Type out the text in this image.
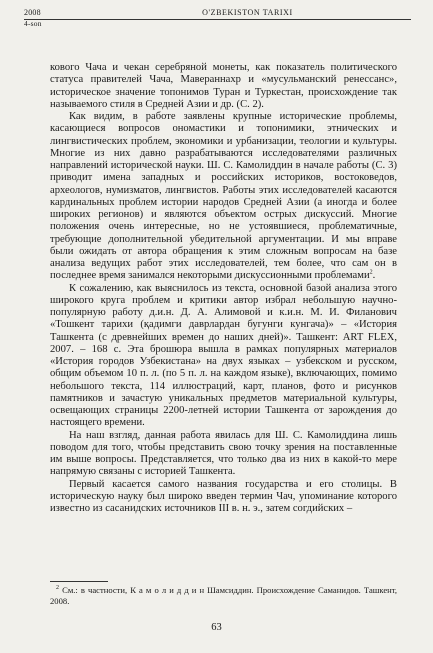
2008	O'ZBEKISTON TARIXI
4-son

кового Чача и чекан серебряной монеты, как показатель политического статуса правителей Чача, Мавераннахр и «мусульманский ренессанс», историческое значение топонимов Туран и Туркестан, происхождение так называемого стиля в Средней Азии и др. (С. 2).

Как видим, в работе заявлены крупные исторические проблемы, касающиеся вопросов ономастики и топонимики, этнических и лингвистических проблем, экономики и урбанизации, теологии и культуры. Многие из них давно разрабатываются исследователями различных направлений исторической науки. Ш. С. Камолиддин в начале работы (С. 3) приводит имена западных и российских историков, востоковедов, археологов, нумизматов, лингвистов. Работы этих исследователей касаются кардинальных проблем истории народов Средней Азии (а иногда и более широких регионов) и являются объектом острых дискуссий. Многие положения очень интересные, но не устоявшиеся, проблематичные, требующие дополнительной убедительной аргументации. И мы вправе были ожидать от автора обращения к этим сложным вопросам на базе анализа ведущих работ этих исследователей, тем более, что сам он в последнее время занимался некоторыми дискуссионными проблемами$^2$.

К сожалению, как выяснилось из текста, основной базой анализа этого широкого круга проблем и критики автор избрал небольшую научно-популярную работу д.и.н. Д. А. Алимовой и к.и.н. М. И. Филанович «Тошкент тарихи (қадимги даврлардан бугунги кунгача)» – «История Ташкента (с древнейших времен до наших дней)». Ташкент: ART FLEX, 2007. – 168 с. Эта брошюра вышла в рамках популярных материалов «История городов Узбекистана» на двух языках – узбекском и русском, общим объемом 10 п. л. (по 5 п. л. на каждом языке), включающих, помимо небольшого текста, 114 иллюстраций, карт, планов, фото и рисунков памятников и зачастую уникальных предметов материальной культуры, освещающих страницы 2200-летней истории Ташкента от зарождения до настоящего времени.

На наш взгляд, данная работа явилась для Ш. С. Камолиддина лишь поводом для того, чтобы представить свою точку зрения на поставленные им выше вопросы. Представляется, что только два из них в какой-то мере напрямую связаны с историей Ташкента.

Первый касается самого названия государства и его столицы. В историческую науку был широко введен термин Чач, упоминание которого известно из сасанидских источников III в. н. э., затем согдийских –

$^2$ См.: в частности, К а м о л и д д и н Шамсиддин. Происхождение Саманидов. Ташкент, 2008.
63
